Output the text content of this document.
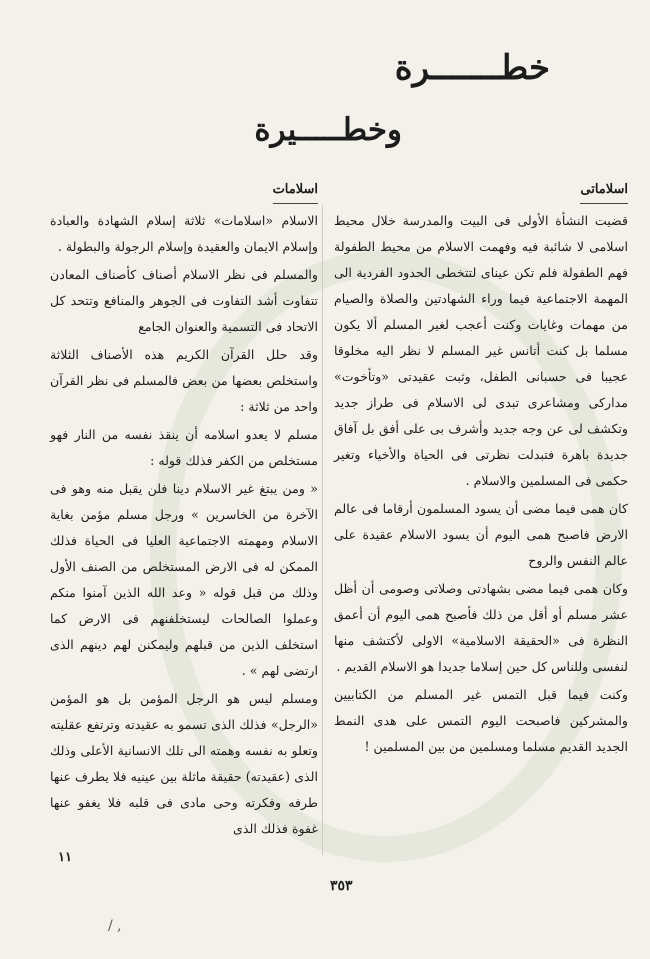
خطـــــــرة
وخطـــــيرة
اسلاماتى

قضيت النشأة الأولى فى البيت والمدرسة خلال محيط اسلامى لا شائبة فيه وفهمت الاسلام من محيط الطفولة فهم الطفولة فلم تكن عيناى لتتخطى الحدود الفردية الى المهمة الاجتماعية فيما وراء الشهادتين والصلاة والصيام من مهمات وغايات وكنت أعجب لغير المسلم ألا يكون مسلما بل كنت أتانس غير المسلم لا نظر اليه مخلوقا عجيبا فى حسبانى الطفل، وثبت عقيدتى «وتأخوت» مداركى ومشاعرى تبدى لى الاسلام فى طراز جديد وتكشف لى عن وجه جديد وأشرف بى على أفق بل آفاق جديدة باهرة فتبدلت نظرتى فى الحياة والأخياء وتغير حكمى فى المسلمين والاسلام .

كان همى فيما مضى أن يسود المسلمون أرقاما فى عالم الارض فاصبح همى اليوم أن يسود الاسلام عقيدة على عالم النفس والروح

وكان همى فيما مضى بشهادتى وصلاتى وصومى أن أظل عشر مسلم أو أقل من ذلك فأصبح همى اليوم أن أعمق النظرة فى «الحقيقة الاسلامية» الاولى لأكتشف منها لنفسى وللناس كل حين إسلاما جديدا هو الاسلام القديم .

وكنت فيما قبل التمس غير المسلم من الكتابيين والمشركين فاصبحت اليوم التمس على هدى النمط الجديد القديم مسلما ومسلمين من بين المسلمين !

اسلامات

الاسلام «اسلامات» ثلاثة إسلام الشهادة والعبادة وإسلام الايمان والعقيدة وإسلام الرجولة والبطولة .

والمسلم فى نظر الاسلام أصناف كأصناف المعادن تتفاوت أشد التفاوت فى الجوهر والمنافع وتتحد كل الاتحاد فى التسمية والعنوان الجامع

وقد حلل القرآن الكريم هذه الأصناف الثلاثة واستخلص بعضها من بعض فالمسلم فى نظر القرآن واحد من ثلاثة :

مسلم لا يعدو اسلامه أن ينقذ نفسه من النار فهو مستخلص من الكفر فذلك قوله :

« ومن يبتغ غير الاسلام دينا فلن يقبل منه وهو فى الآخرة من الخاسرين » ورجل مسلم مؤمن بغاية الاسلام ومهمته الاجتماعية العليا فى الحياة فذلك الممكن له فى الارض المستخلص من الصنف الأول وذلك من قبل قوله « وعد الله الذين آمنوا منكم وعملوا الصالحات ليستخلفنهم فى الارض كما استخلف الذين من قبلهم وليمكنن لهم دينهم الذى ارتضى لهم » .

ومسلم ليس هو الرجل المؤمن بل هو المؤمن «الرجل» فذلك الذى تسمو به عقيدته وترتفع عقليته وتعلو به نفسه وهمته الى تلك الانسانية الأعلى وذلك الذى (عقيدته) حقيقة ماثلة بين عينيه فلا يطرف عنها طرفه وفكرته وحى مادى فى قلبه فلا يغفو عنها غفوة فذلك الذى

١١
٣٥٣
/ ,
